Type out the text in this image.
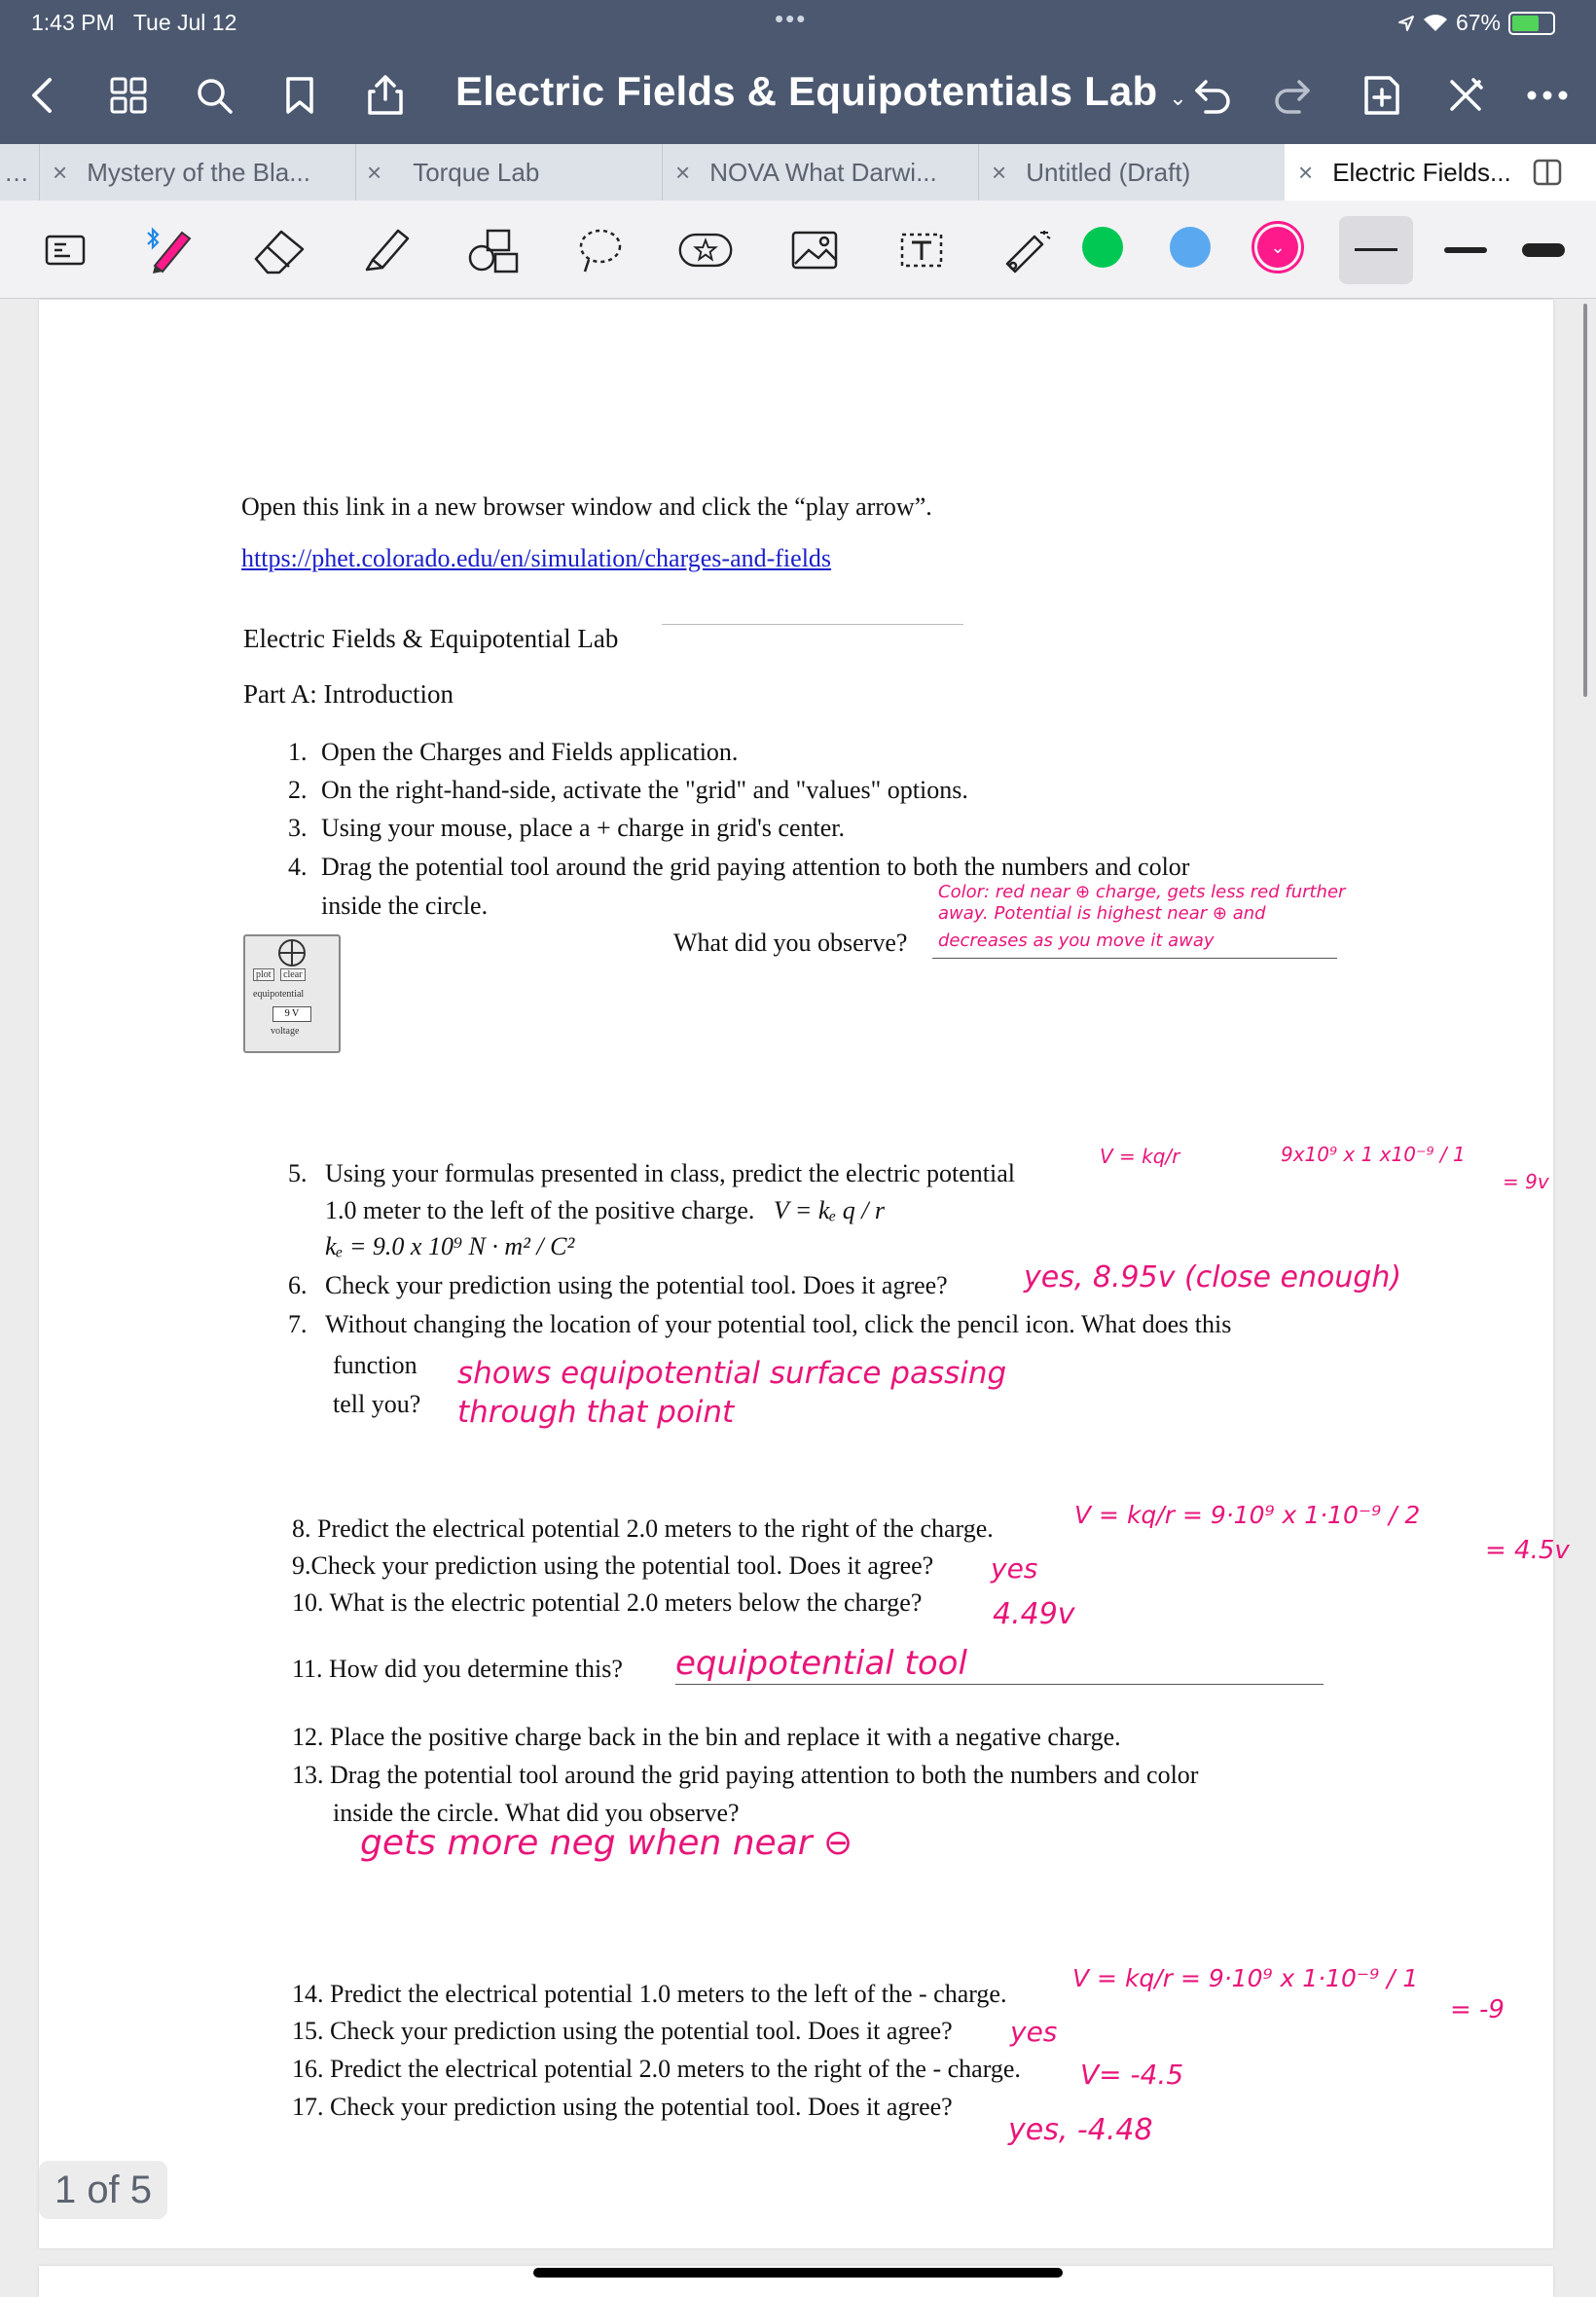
1:43 PM Tue Jul 12	•••	67%
Electric Fields & Equipotentials Lab ⌄
… × Mystery of the Bla... × Torque Lab	× NOVA What Darwi... × Untitled (Draft)	× Electric Fields...
⌄
Open this link in a new browser window and click the “play arrow”.
https://phet.colorado.edu/en/simulation/charges-and-fields
Electric Fields & Equipotential Lab
Part A: Introduction
1. Open the Charges and Fields application.
2. On the right-hand-side, activate the "grid" and "values" options.
3. Using your mouse, place a + charge in grid's center.
4. Drag the potential tool around the grid paying attention to both the numbers and color
inside the circle.	Color: red near ⊕ charge, gets less red further
away. Potential is highest near ⊕ and
What did you observe? decreases as you move it away
plot clear
equipotential
9 V
voltage
5. Using your formulas presented in class, predict the electric potential
1.0 meter to the left of the positive charge. V = kₑ q / r
kₑ = 9.0 x 10⁹ N · m² / C²
V = kq/r	9x10⁹ x 1 x10⁻⁹ / 1
= 9v
6. Check your prediction using the potential tool. Does it agree?	yes, 8.95v (close enough)
7. Without changing the location of your potential tool, click the pencil icon. What does this
function
tell you?
shows equipotential surface passing
through that point
8. Predict the electrical potential 2.0 meters to the right of the charge.	V = kq/r = 9·10⁹ x 1·10⁻⁹ / 2
= 4.5v
9.Check your prediction using the potential tool. Does it agree? yes
10. What is the electric potential 2.0 meters below the charge? 4.49v
11. How did you determine this? equipotential tool
12. Place the positive charge back in the bin and replace it with a negative charge.
13. Drag the potential tool around the grid paying attention to both the numbers and color
inside the circle. What did you observe?
gets more neg when near ⊖
14. Predict the electrical potential 1.0 meters to the left of the - charge.
V = kq/r = 9·10⁹ x 1·10⁻⁹ / 1
= -9
15. Check your prediction using the potential tool. Does it agree? yes
16. Predict the electrical potential 2.0 meters to the right of the - charge. V= -4.5
17. Check your prediction using the potential tool. Does it agree?
yes, -4.48
1 of 5
